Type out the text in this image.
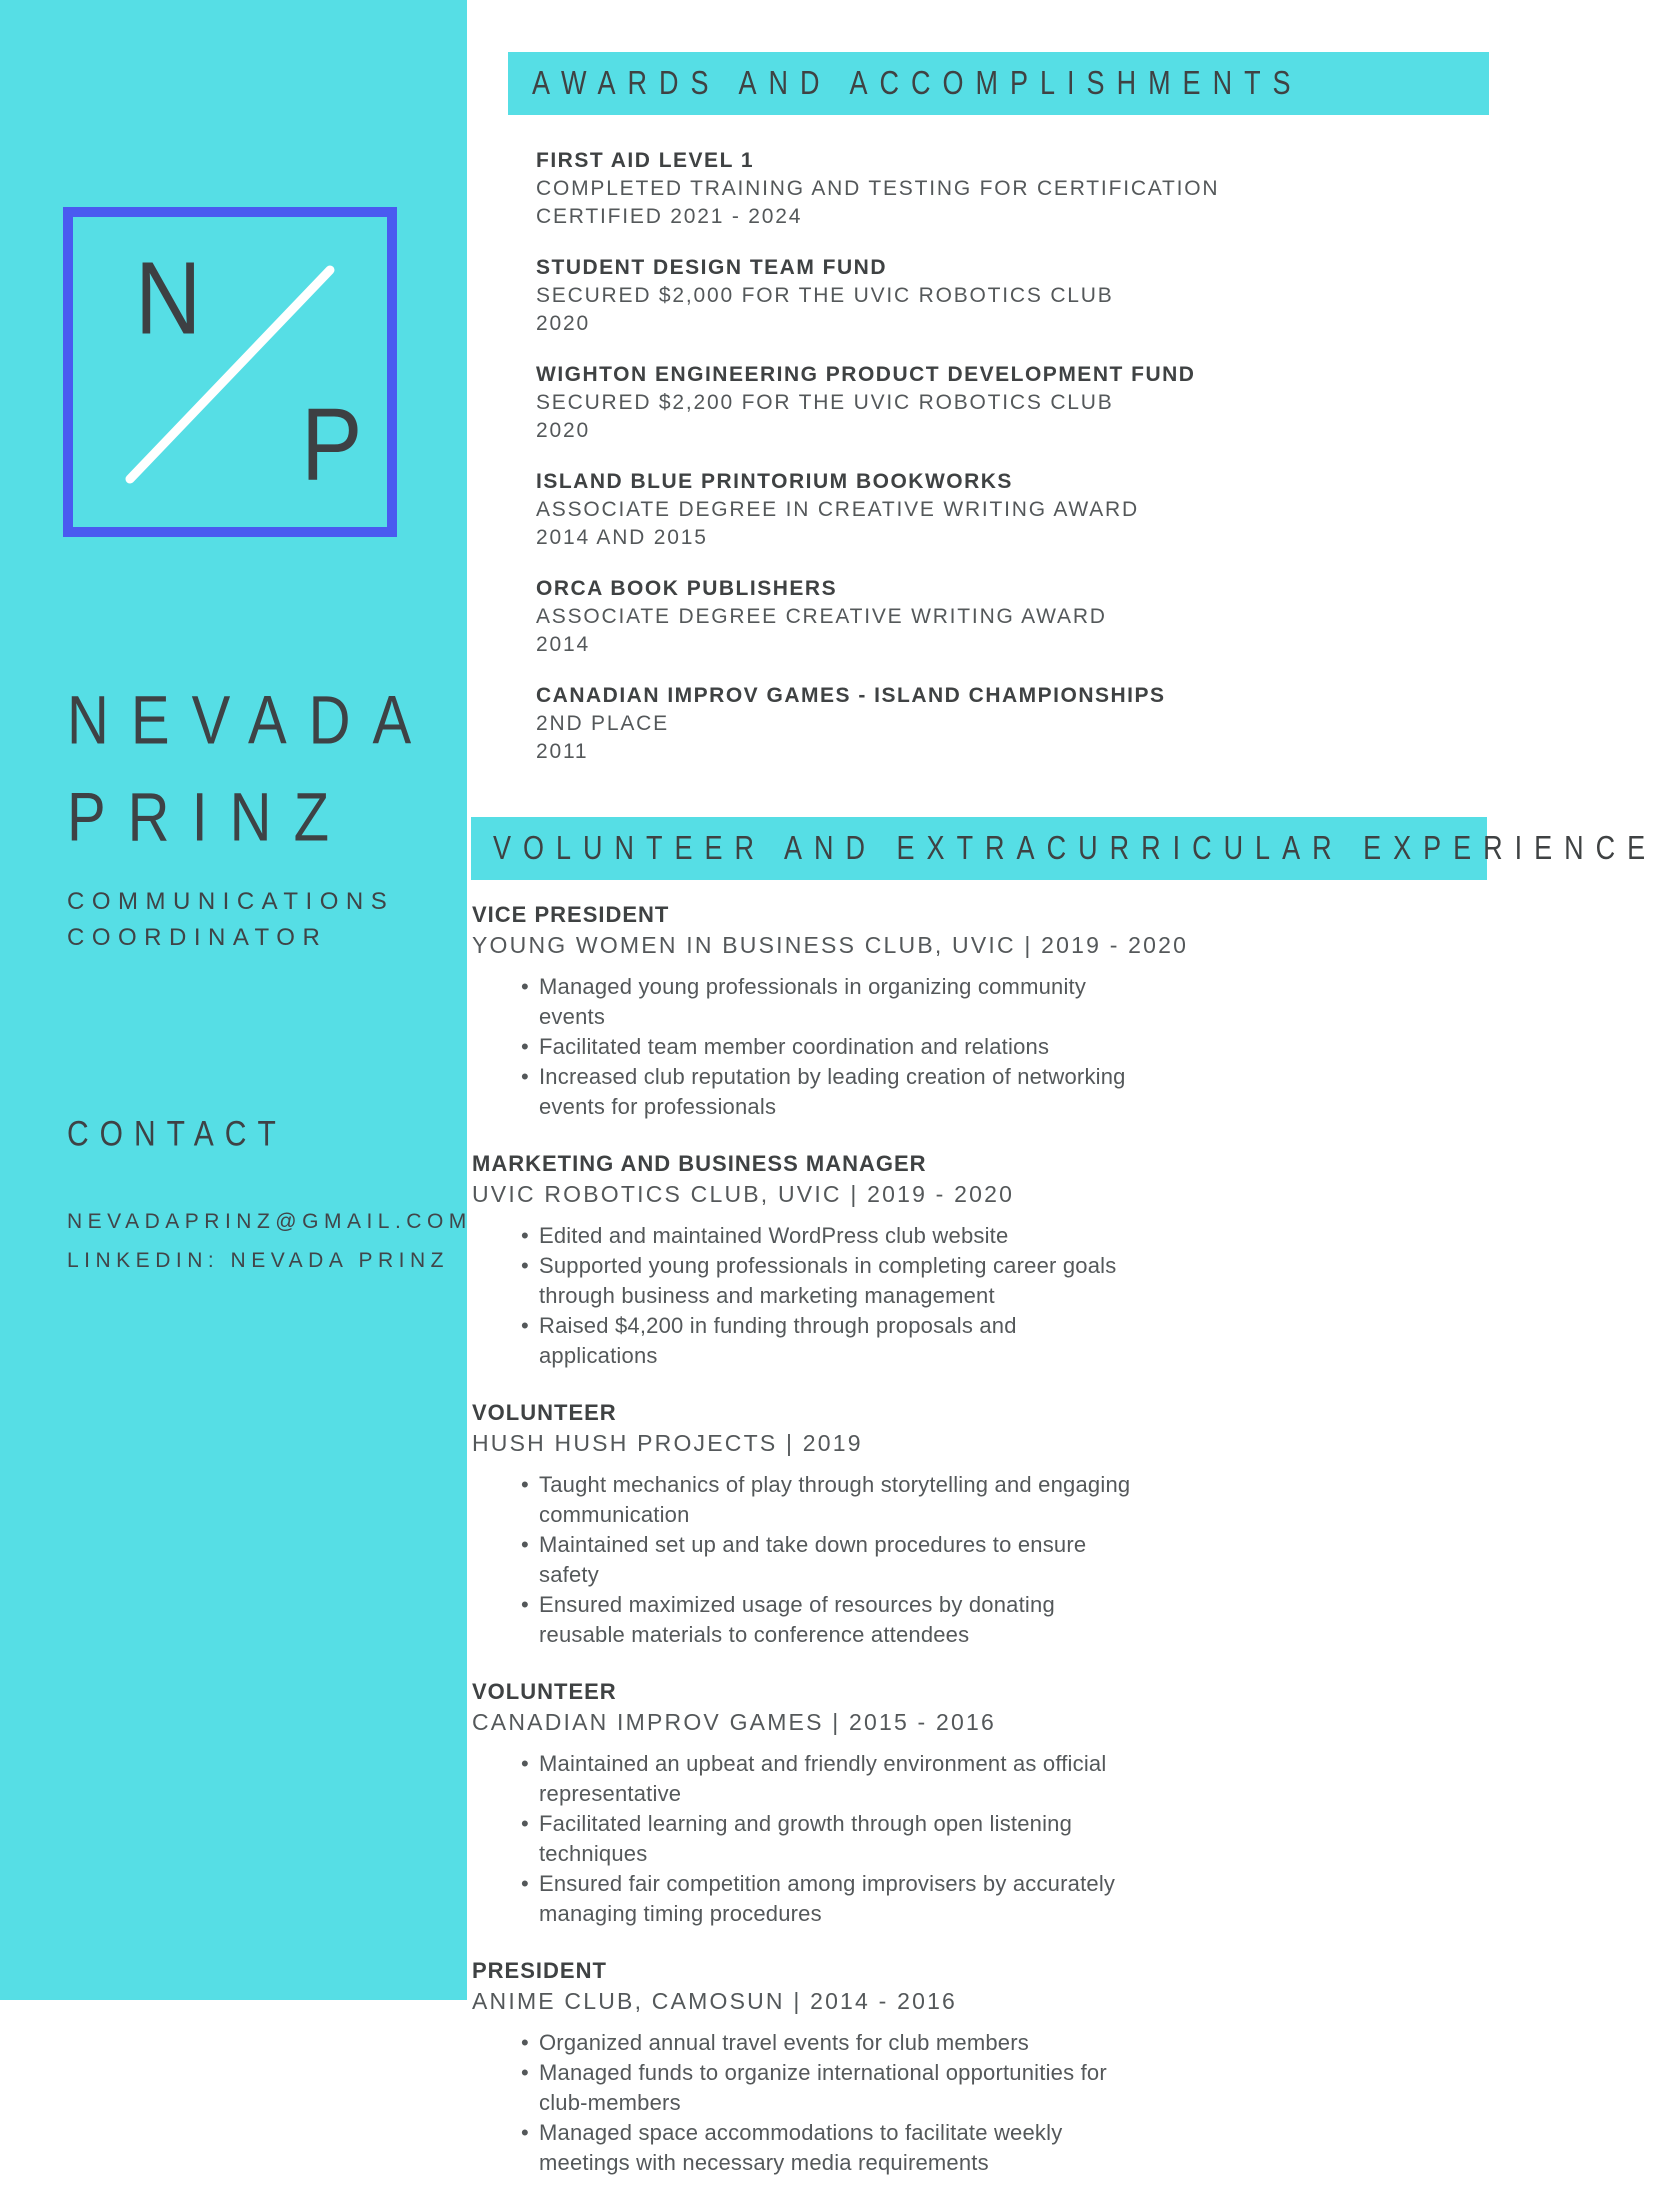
N
P
NEVADA
PRINZ
COMMUNICATIONS
COORDINATOR
CONTACT
NEVADAPRINZ@GMAIL.COM
LINKEDIN: NEVADA PRINZ
AWARDS AND ACCOMPLISHMENTS
FIRST AID LEVEL 1
COMPLETED TRAINING AND TESTING FOR CERTIFICATION
CERTIFIED 2021 - 2024
STUDENT DESIGN TEAM FUND
SECURED $2,000 FOR THE UVIC ROBOTICS CLUB
2020
WIGHTON ENGINEERING PRODUCT DEVELOPMENT FUND
SECURED $2,200 FOR THE UVIC ROBOTICS CLUB
2020
ISLAND BLUE PRINTORIUM BOOKWORKS
ASSOCIATE DEGREE IN CREATIVE WRITING AWARD
2014 AND 2015
ORCA BOOK PUBLISHERS
ASSOCIATE DEGREE CREATIVE WRITING AWARD
2014
CANADIAN IMPROV GAMES - ISLAND CHAMPIONSHIPS
2ND PLACE
2011
VOLUNTEER AND EXTRACURRICULAR EXPERIENCE
VICE PRESIDENT
YOUNG WOMEN IN BUSINESS CLUB, UVIC | 2019 - 2020
• Managed young professionals in organizing community events
• Facilitated team member coordination and relations
• Increased club reputation by leading creation of networking events for professionals
MARKETING AND BUSINESS MANAGER
UVIC ROBOTICS CLUB, UVIC | 2019 - 2020
• Edited and maintained WordPress club website
• Supported young professionals in completing career goals through business and marketing management
• Raised $4,200 in funding through proposals and applications
VOLUNTEER
HUSH HUSH PROJECTS | 2019
• Taught mechanics of play through storytelling and engaging communication
• Maintained set up and take down procedures to ensure safety
• Ensured maximized usage of resources by donating reusable materials to conference attendees
VOLUNTEER
CANADIAN IMPROV GAMES | 2015 - 2016
• Maintained an upbeat and friendly environment as official representative
• Facilitated learning and growth through open listening techniques
• Ensured fair competition among improvisers by accurately managing timing procedures
PRESIDENT
ANIME CLUB, CAMOSUN | 2014 - 2016
• Organized annual travel events for club members
• Managed funds to organize international opportunities for club-members
• Managed space accommodations to facilitate weekly meetings with necessary media requirements
